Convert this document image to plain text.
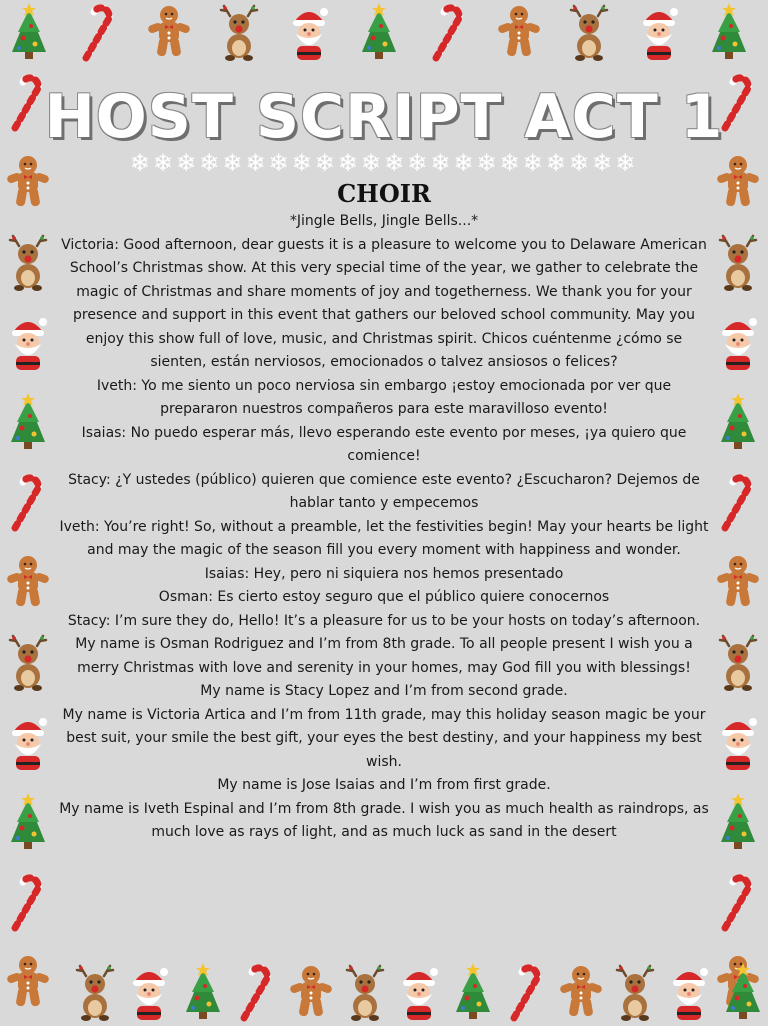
HOST SCRIPT ACT 1
❄❄❄❄❄❄❄❄❄❄❄❄❄❄❄❄❄❄❄❄❄❄
CHOIR

*Jingle Bells, Jingle Bells...*

Victoria: Good afternoon, dear guests it is a pleasure to welcome you to Delaware American School’s Christmas show. At this very special time of the year, we gather to celebrate the magic of Christmas and share moments of joy and togetherness. We thank you for your presence and support in this event that gathers our beloved school community. May you enjoy this show full of love, music, and Christmas spirit. Chicos cuéntenme ¿cómo se sienten, están nerviosos, emocionados o talvez ansiosos o felices?

Iveth: Yo me siento un poco nerviosa sin embargo ¡estoy emocionada por ver que prepararon nuestros compañeros para este maravilloso evento!

Isaias: No puedo esperar más, llevo esperando este evento por meses, ¡ya quiero que comience!

Stacy: ¿Y ustedes (público) quieren que comience este evento? ¿Escucharon? Dejemos de hablar tanto y empecemos

Iveth: You’re right! So, without a preamble, let the festivities begin! May your hearts be light and may the magic of the season fill you every moment with happiness and wonder.

Isaias: Hey, pero ni siquiera nos hemos presentado

Osman: Es cierto estoy seguro que el público quiere conocernos

Stacy: I’m sure they do, Hello! It’s a pleasure for us to be your hosts on today’s afternoon.

My name is Osman Rodriguez and I’m from 8th grade. To all people present I wish you a merry Christmas with love and serenity in your homes, may God fill you with blessings!

My name is Stacy Lopez and I’m from second grade.

My name is Victoria Artica and I’m from 11th grade, may this holiday season magic be your best suit, your smile the best gift, your eyes the best destiny, and your happiness my best wish.

My name is Jose Isaias and I’m from first grade.

My name is Iveth Espinal and I’m from 8th grade. I wish you as much health as raindrops, as much love as rays of light, and as much luck as sand in the desert
